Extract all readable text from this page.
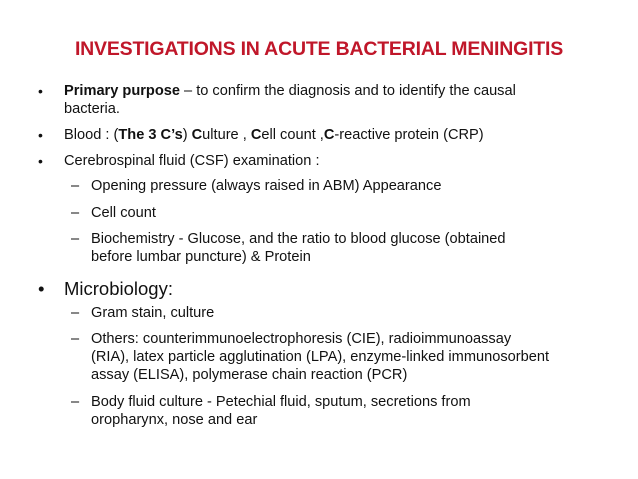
INVESTIGATIONS IN ACUTE BACTERIAL MENINGITIS
• Primary purpose – to confirm the diagnosis and to identify the causal
bacteria.
• Blood : (The 3 C’s) Culture , Cell count ,C-reactive protein (CRP)
• Cerebrospinal fluid (CSF) examination :
– Opening pressure (always raised in ABM) Appearance
– Cell count
– Biochemistry - Glucose, and the ratio to blood glucose (obtained
before lumbar puncture) & Protein
• Microbiology:
– Gram stain, culture
– Others: counterimmunoelectrophoresis (CIE), radioimmunoassay
(RIA), latex particle agglutination (LPA), enzyme-linked immunosorbent
assay (ELISA), polymerase chain reaction (PCR)
– Body fluid culture - Petechial fluid, sputum, secretions from
oropharynx, nose and ear
